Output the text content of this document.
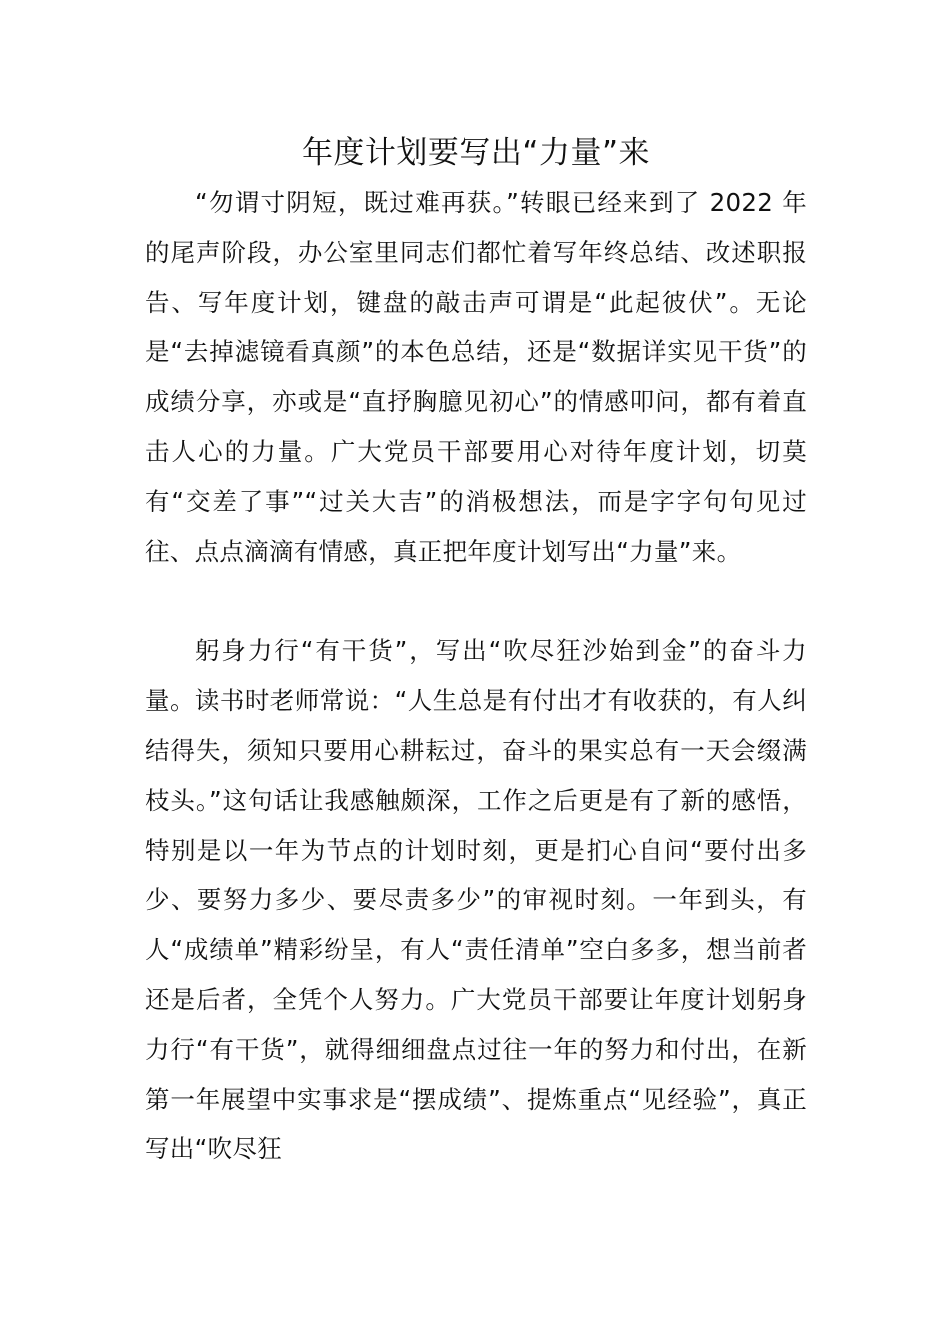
年度计划要写出“力量”来

“勿谓寸阴短，既过难再获。”转眼已经来到了 2022 年的尾声阶段，办公室里同志们都忙着写年终总结、改述职报告、写年度计划，键盘的敲击声可谓是“此起彼伏”。无论是“去掉滤镜看真颜”的本色总结，还是“数据详实见干货”的成绩分享，亦或是“直抒胸臆见初心”的情感叩问，都有着直击人心的力量。广大党员干部要用心对待年度计划，切莫有“交差了事”“过关大吉”的消极想法，而是字字句句见过往、点点滴滴有情感，真正把年度计划写出“力量”来。

躬身力行“有干货”，写出“吹尽狂沙始到金”的奋斗力量。读书时老师常说：“人生总是有付出才有收获的，有人纠结得失，须知只要用心耕耘过，奋斗的果实总有一天会缀满枝头。”这句话让我感触颇深，工作之后更是有了新的感悟，特别是以一年为节点的计划时刻，更是扪心自问“要付出多少、要努力多少、要尽责多少”的审视时刻。一年到头，有人“成绩单”精彩纷呈，有人“责任清单”空白多多，想当前者还是后者，全凭个人努力。广大党员干部要让年度计划躬身力行“有干货”，就得细细盘点过往一年的努力和付出，在新第一年展望中实事求是“摆成绩”、提炼重点“见经验”，真正写出“吹尽狂
